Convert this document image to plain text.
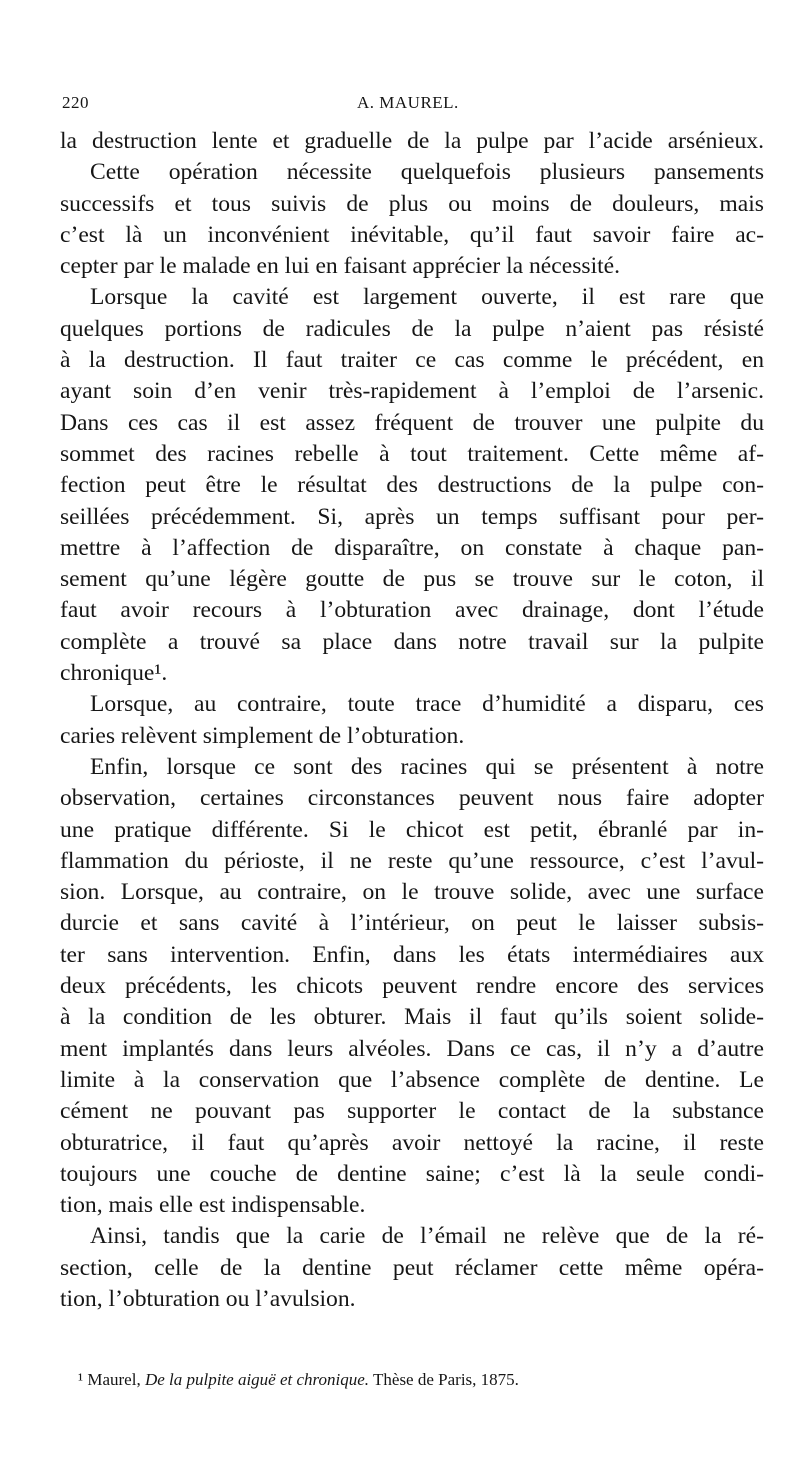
220	A. MAUREL.
la destruction lente et graduelle de la pulpe par l’acide arsénieux.
Cette opération nécessite quelquefois plusieurs pansements
successifs et tous suivis de plus ou moins de douleurs, mais
c’est là un inconvénient inévitable, qu’il faut savoir faire ac-
cepter par le malade en lui en faisant apprécier la nécessité.
Lorsque la cavité est largement ouverte, il est rare que
quelques portions de radicules de la pulpe n’aient pas résisté
à la destruction. Il faut traiter ce cas comme le précédent, en
ayant soin d’en venir très-rapidement à l’emploi de l’arsenic.
Dans ces cas il est assez fréquent de trouver une pulpite du
sommet des racines rebelle à tout traitement. Cette même af-
fection peut être le résultat des destructions de la pulpe con-
seillées précédemment. Si, après un temps suffisant pour per-
mettre à l’affection de disparaître, on constate à chaque pan-
sement qu’une légère goutte de pus se trouve sur le coton, il
faut avoir recours à l’obturation avec drainage, dont l’étude
complète a trouvé sa place dans notre travail sur la pulpite
chronique¹.
Lorsque, au contraire, toute trace d’humidité a disparu, ces
caries relèvent simplement de l’obturation.
Enfin, lorsque ce sont des racines qui se présentent à notre
observation, certaines circonstances peuvent nous faire adopter
une pratique différente. Si le chicot est petit, ébranlé par in-
flammation du périoste, il ne reste qu’une ressource, c’est l’avul-
sion. Lorsque, au contraire, on le trouve solide, avec une surface
durcie et sans cavité à l’intérieur, on peut le laisser subsis-
ter sans intervention. Enfin, dans les états intermédiaires aux
deux précédents, les chicots peuvent rendre encore des services
à la condition de les obturer. Mais il faut qu’ils soient solide-
ment implantés dans leurs alvéoles. Dans ce cas, il n’y a d’autre
limite à la conservation que l’absence complète de dentine. Le
cément ne pouvant pas supporter le contact de la substance
obturatrice, il faut qu’après avoir nettoyé la racine, il reste
toujours une couche de dentine saine; c’est là la seule condi-
tion, mais elle est indispensable.
Ainsi, tandis que la carie de l’émail ne relève que de la ré-
section, celle de la dentine peut réclamer cette même opéra-
tion, l’obturation ou l’avulsion.
¹ Maurel, De la pulpite aiguë et chronique. Thèse de Paris, 1875.
